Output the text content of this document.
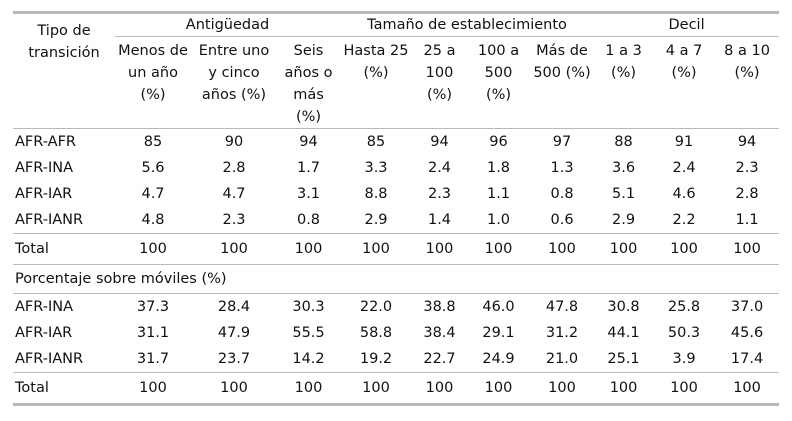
Tipo de transición	Antigüedad			Tamaño de establecimiento				Decil		
	Menos de un año (%)	Entre uno y cinco años (%)	Seis años o más (%)	Hasta 25 (%)	25 a 100 (%)	100 a 500 (%)	Más de 500 (%)	1 a 3 (%)	4 a 7 (%)	8 a 10 (%)
AFR-AFR	85	90	94	85	94	96	97	88	91	94
AFR-INA	5.6	2.8	1.7	3.3	2.4	1.8	1.3	3.6	2.4	2.3
AFR-IAR	4.7	4.7	3.1	8.8	2.3	1.1	0.8	5.1	4.6	2.8
AFR-IANR	4.8	2.3	0.8	2.9	1.4	1.0	0.6	2.9	2.2	1.1
Total	100	100	100	100	100	100	100	100	100	100
Porcentaje sobre móviles (%)										
AFR-INA	37.3	28.4	30.3	22.0	38.8	46.0	47.8	30.8	25.8	37.0
AFR-IAR	31.1	47.9	55.5	58.8	38.4	29.1	31.2	44.1	50.3	45.6
AFR-IANR	31.7	23.7	14.2	19.2	22.7	24.9	21.0	25.1	3.9	17.4
Total	100	100	100	100	100	100	100	100	100	100
